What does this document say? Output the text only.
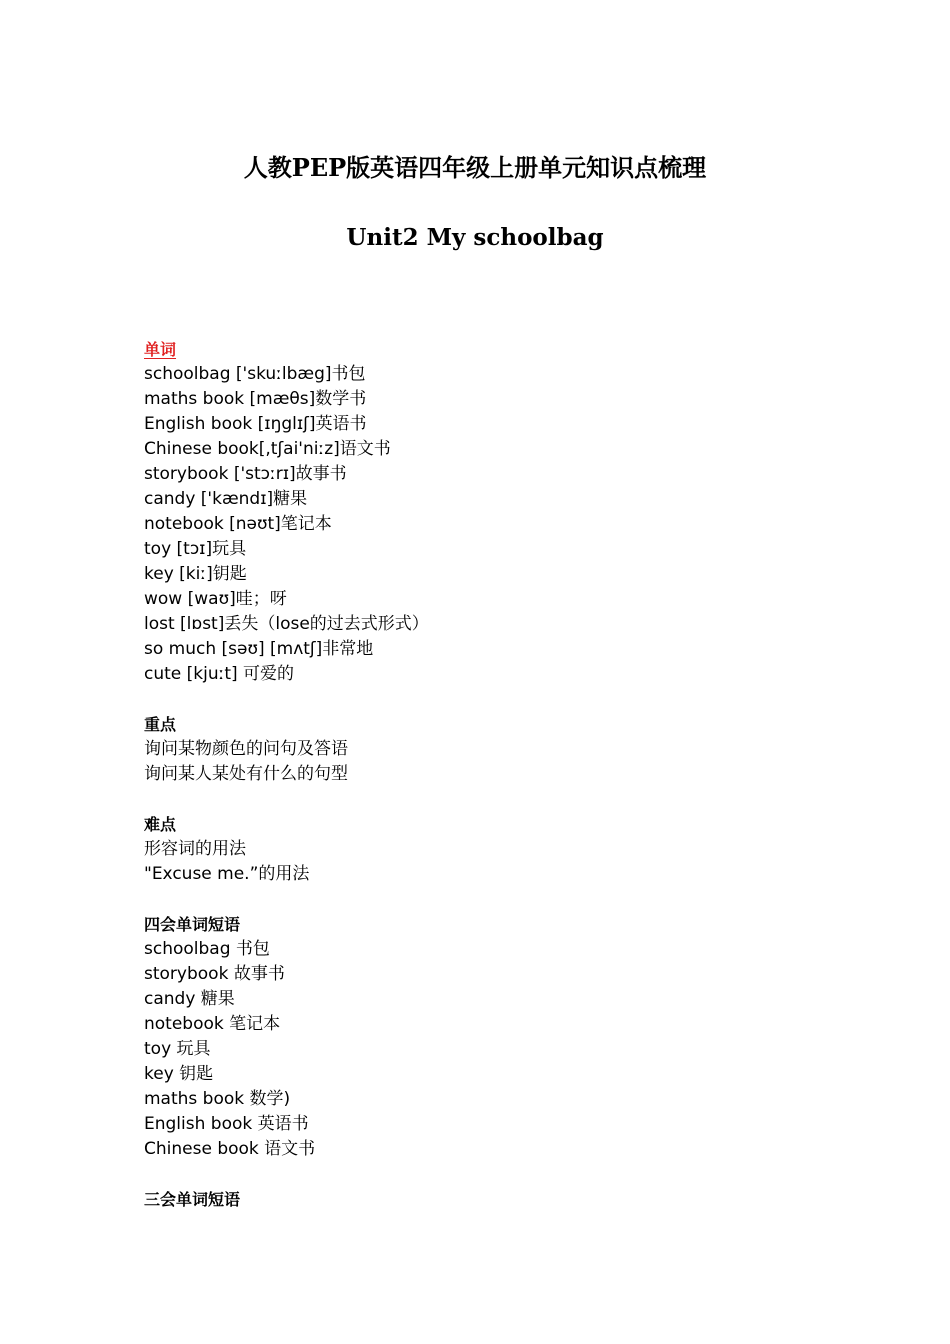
人教PEP版英语四年级上册单元知识点梳理
Unit2 My schoolbag
单词
schoolbag ['skuːlbæg]书包
maths book [mæθs]数学书
English book [ɪŋglɪʃ]英语书
Chinese book[,tʃai'niːz]语文书
storybook ['stɔːrɪ]故事书
candy ['kændɪ]糖果
notebook [nəʊt]笔记本
toy [tɔɪ]玩具
key [kiː]钥匙
wow [waʊ]哇；呀
lost [lɒst]丢失（lose的过去式形式）
so much [səʊ] [mʌtʃ]非常地
cute [kjuːt] 可爱的
重点
询问某物颜色的问句及答语
询问某人某处有什么的句型
难点
形容词的用法
"Excuse me.”的用法
四会单词短语
schoolbag 书包
storybook 故事书
candy 糖果
notebook 笔记本
toy 玩具
key 钥匙
maths book 数学)
English book 英语书
Chinese book 语文书
三会单词短语
